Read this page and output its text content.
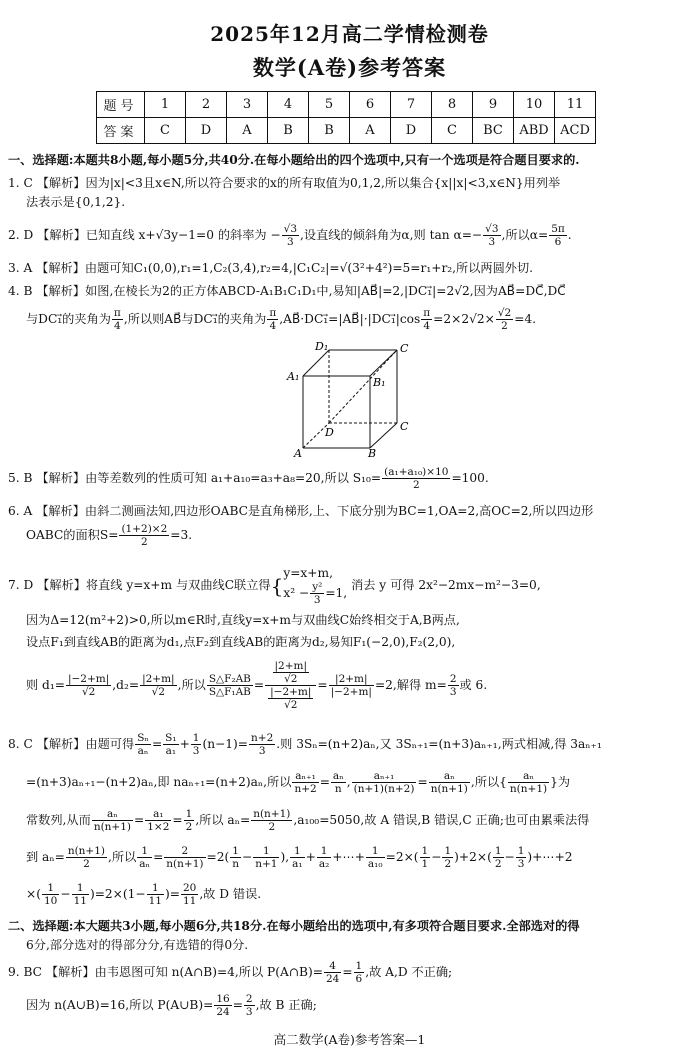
2025年12月高二学情检测卷
数学(A卷)参考答案
题号	1	2	3	4	5	6	7	8	9	10	11
答案	C	D	A	B	B	A	D	C	BC	ABD	ACD
一、选择题:本题共8小题,每小题5分,共40分.在每小题给出的四个选项中,只有一个选项是符合题目要求的.
1. C 【解析】因为|x|<3且x∈N,所以符合要求的x的所有取值为0,1,2,所以集合{x||x|<3,x∈N}用列举
法表示是{0,1,2}.
2. D 【解析】已知直线 x+√3y−1=0 的斜率为 − $\frac{√3}{3}$ ,设直线的倾斜角为α,则 $\tan \alpha=- \frac{√3}{3}$ ,所以$\alpha= \frac{5\pi}{6}$ .
3. A 【解析】由题可知C₁(0,0),r₁=1,C₂(3,4),r₂=4,|C₁C₂|=√(3²+4²)=5=r₁+r₂,所以两圆外切.
4. B 【解析】如图,在棱长为2的正方体ABCD-A₁B₁C₁D₁中,易知|AB⃗|=2,|DC₁⃗|=2√2,因为AB⃗=DC⃗,DC⃗
与DC₁⃗的夹角为 $\frac{\pi}{4}$ ,所以则AB⃗与DC₁⃗的夹角为 $\frac{\pi}{4}$ ,AB⃗·DC₁⃗=|AB⃗|·|DC₁⃗|cos $\frac{\pi}{4} =2\times 2√2\times \frac{√2}{2} =4$.
D₁	C
A₁	B₁
D	C
A	B
5. B 【解析】由等差数列的性质可知 a₁+a₁₀=a₃+a₈=20,所以 $S_{10}= \frac{\text{(a₁+a₁₀)×10}}{2} =100$.
6. A 【解析】由斜二测画法知,四边形OABC是直角梯形,上、下底分别为BC=1,OA=2,高OC=2,所以四边形
OABC的面积$S= \frac{(1+2)\times 2}{2} =3$.
7. D 【解析】将直线 y=x+m 与双曲线C联立得{
y=x+m,
$x^2 - \frac{\text{y²}}{3} =1$,
消去 y 可得 2x²−2mx−m²−3=0,
因为Δ=12(m²+2)>0,所以m∈R时,直线y=x+m与双曲线C始终相交于A,B两点,
设点F₁到直线AB的距离为d₁,点F₂到直线AB的距离为d₂,易知F₁(−2,0),F₂(2,0),
则 $d_1= \frac{|-2+m|}{√2} ,d_2= \frac{|2+m|}{√2}$ ,所以 $\frac{\text{S△F₂AB}}{\text{S△F₁AB}} = \frac{\frac{|2+m|}{√2}}{\frac{|-2+m|}{√2}} = \frac{|2+m|}{|-2+m|} =2$,解得 $m= \frac{2}{3}$ 或 6.
8. C 【解析】由题可得 $\frac{\text{Sₙ}}{\text{aₙ}} = \frac{\text{S₁}}{\text{a₁}} + \frac{1}{3} (n-1)= \frac{n+2}{3}$ .则 3Sₙ=(n+2)aₙ,又 3Sₙ₊₁=(n+3)aₙ₊₁,两式相减,得 3aₙ₊₁
=(n+3)aₙ₊₁−(n+2)aₙ,即 naₙ₊₁=(n+2)aₙ,所以 $\frac{\text{aₙ₊₁}}{n+2} = \frac{\text{aₙ}}{n}$ , $\frac{\text{aₙ₊₁}}{(n+1)(n+2)} = \frac{\text{aₙ}}{n(n+1)}$ ,所以{ $\frac{\text{aₙ}}{n(n+1)}$ }为
常数列,从而 $\frac{\text{aₙ}}{n(n+1)} = \frac{\text{a₁}}{1\times 2} = \frac{1}{2}$ ,所以 $a_n= \frac{n(n+1)}{2} ,a_{100}=5050$,故 A 错误,B 错误,C 正确;也可由累乘法得
到 $a_n= \frac{n(n+1)}{2}$ ,所以 $\frac{1}{\text{aₙ}} = \frac{2}{n(n+1)} =2( \frac{1}{n} - \frac{1}{n+1}$ ), $\frac{1}{\text{a₁}} + \frac{1}{\text{a₂}}$ +⋯+ $\frac{1}{\text{a₁₀}} =2\times( \frac{1}{1} - \frac{1}{2} )+2\times( \frac{1}{2} - \frac{1}{3}$ )+⋯+2
×( $\frac{1}{10} - \frac{1}{11} )=2\times(1- \frac{1}{11}$ )= $\frac{20}{11}$ ,故 D 错误.
二、选择题:本大题共3小题,每小题6分,共18分.在每小题给出的选项中,有多项符合题目要求.全部选对的得
6分,部分选对的得部分分,有选错的得0分.
9. BC 【解析】由韦恩图可知 n(A∩B)=4,所以 P(A∩B)= $\frac{4}{24} = \frac{1}{6}$ ,故 A,D 不正确;
因为 n(A∪B)=16,所以 P(A∪B)= $\frac{16}{24} = \frac{2}{3}$ ,故 B 正确;
高二数学(A卷)参考答案—1
